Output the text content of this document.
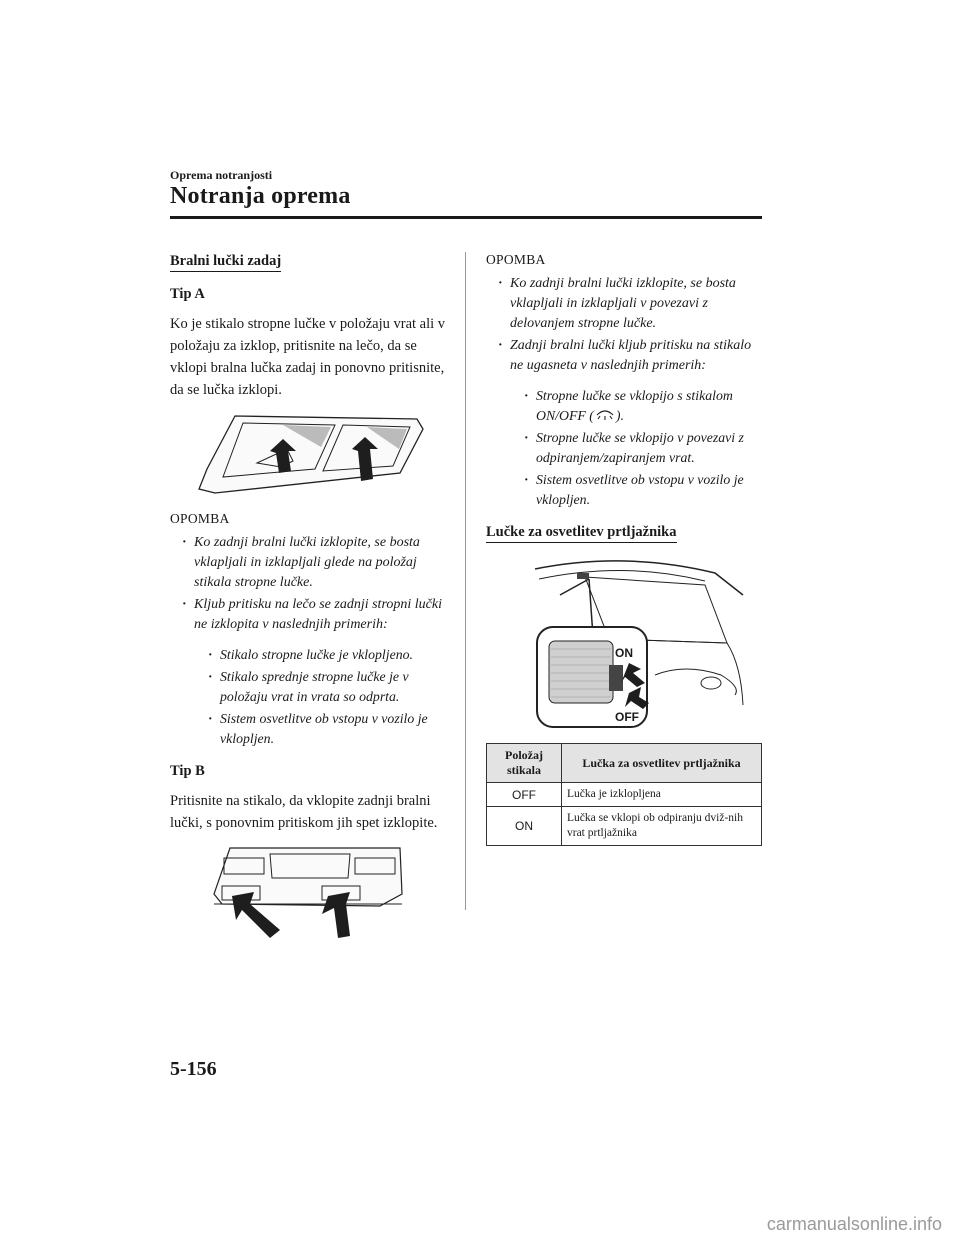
Oprema notranjosti
Notranja oprema
Bralni lučki zadaj
Tip A

Ko je stikalo stropne lučke v položaju vrat ali v položaju za izklop, pritisnite na lečo, da se vklopi bralna lučka zadaj in ponovno pritisnite, da se lučka izklopi.

OPOMBA
· Ko zadnji bralni lučki izklopite, se bosta vklapljali in izklapljali glede na položaj stikala stropne lučke.
· Kljub pritisku na lečo se zadnji stropni lučki ne izklopita v naslednjih primerih:
· Stikalo stropne lučke je vklopljeno.
· Stikalo sprednje stropne lučke je v položaju vrat in vrata so odprta.
· Sistem osvetlitve ob vstopu v vozilo je vklopljen.
Tip B

Pritisnite na stikalo, da vklopite zadnji bralni lučki, s ponovnim pritiskom jih spet izklopite.

OPOMBA
· Ko zadnji bralni lučki izklopite, se bosta vklapljali in izklapljali v povezavi z delovanjem stropne lučke.
· Zadnji bralni lučki kljub pritisku na stikalo ne ugasneta v naslednjih primerih:
· Stropne lučke se vklopijo s stikalom ON/OFF ( ).
· Stropne lučke se vklopijo v povezavi z odpiranjem/zapiranjem vrat.
· Sistem osvetlitve ob vstopu v vozilo je vklopljen.
Lučke za osvetlitev prtljažnika
ON
OFF
Položaj stikala	Lučka za osvetlitev prtljažnika
OFF	Lučka je izklopljena
ON	Lučka se vklopi ob odpiranju dviž-nih vrat prtljažnika
5-156
carmanualsonline.info
